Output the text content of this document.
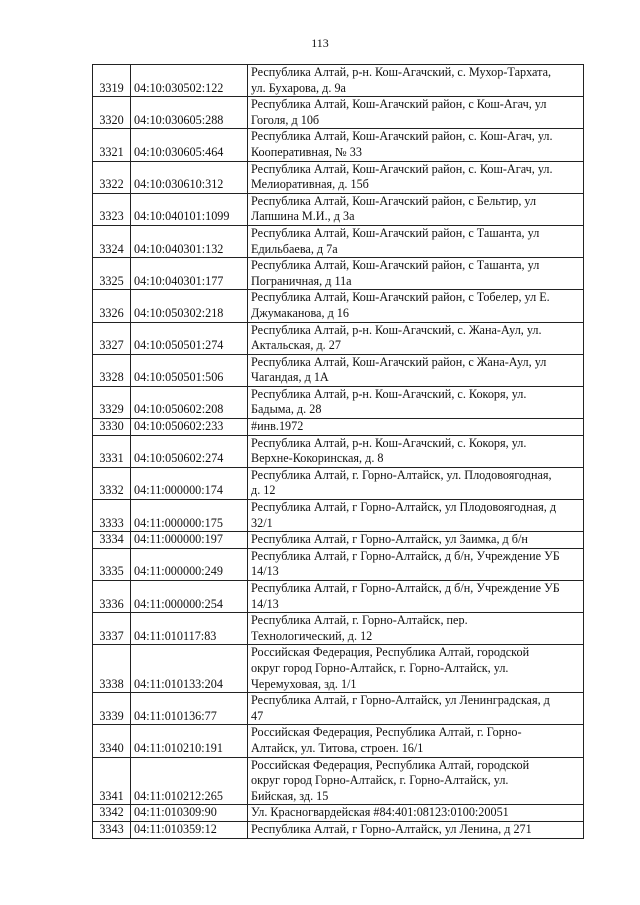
113
3319	04:10:030502:122	Республика Алтай, р-н. Кош-Агачский, с. Мухор-Тархата,
ул. Бухарова, д. 9а

3320	04:10:030605:288	Республика Алтай, Кош-Агачский район, с Кош-Агач, ул
Гоголя, д 10б

3321	04:10:030605:464	Республика Алтай, Кош-Агачский район, с. Кош-Агач, ул.
Кооперативная, № 33

3322	04:10:030610:312	Республика Алтай, Кош-Агачский район, с. Кош-Агач, ул.
Мелиоративная, д. 15б

3323	04:10:040101:1099	Республика Алтай, Кош-Агачский район, с Бельтир, ул
Лапшина М.И., д 3а

3324	04:10:040301:132	Республика Алтай, Кош-Агачский район, с Ташанта, ул
Едильбаева, д 7а

3325	04:10:040301:177	Республика Алтай, Кош-Агачский район, с Ташанта, ул
Пограничная, д 11а

3326	04:10:050302:218	Республика Алтай, Кош-Агачский район, с Тобелер, ул Е.
Джумаканова, д 16

3327	04:10:050501:274	Республика Алтай, р-н. Кош-Агачский, с. Жана-Аул, ул.
Актальская, д. 27

3328	04:10:050501:506	Республика Алтай, Кош-Агачский район, с Жана-Аул, ул
Чагандая, д 1А

3329	04:10:050602:208	Республика Алтай, р-н. Кош-Агачский, с. Кокоря, ул.
Бадыма, д. 28

3330	04:10:050602:233	#инв.1972

3331	04:10:050602:274	Республика Алтай, р-н. Кош-Агачский, с. Кокоря, ул.
Верхне-Кокоринская, д. 8

3332	04:11:000000:174	Республика Алтай, г. Горно-Алтайск, ул. Плодовоягодная,
д. 12

3333	04:11:000000:175	Республика Алтай, г Горно-Алтайск, ул Плодовоягодная, д
32/1

3334	04:11:000000:197	Республика Алтай, г Горно-Алтайск, ул Заимка, д б/н

3335	04:11:000000:249	Республика Алтай, г Горно-Алтайск, д б/н, Учреждение УБ
14/13

3336	04:11:000000:254	Республика Алтай, г Горно-Алтайск, д б/н, Учреждение УБ
14/13

3337	04:11:010117:83	Республика Алтай, г. Горно-Алтайск, пер.
Технологический, д. 12

3338	04:11:010133:204	Российская Федерация, Республика Алтай, городской
округ город Горно-Алтайск, г. Горно-Алтайск, ул.
Черемуховая, зд. 1/1

3339	04:11:010136:77	Республика Алтай, г Горно-Алтайск, ул Ленинградская, д
47

3340	04:11:010210:191	Российская Федерация, Республика Алтай, г. Горно-
Алтайск, ул. Титова, строен. 16/1

3341	04:11:010212:265	Российская Федерация, Республика Алтай, городской
округ город Горно-Алтайск, г. Горно-Алтайск, ул.
Бийская, зд. 15

3342	04:11:010309:90	Ул. Красногвардейская #84:401:08123:0100:20051

3343	04:11:010359:12	Республика Алтай, г Горно-Алтайск, ул Ленина, д 271
